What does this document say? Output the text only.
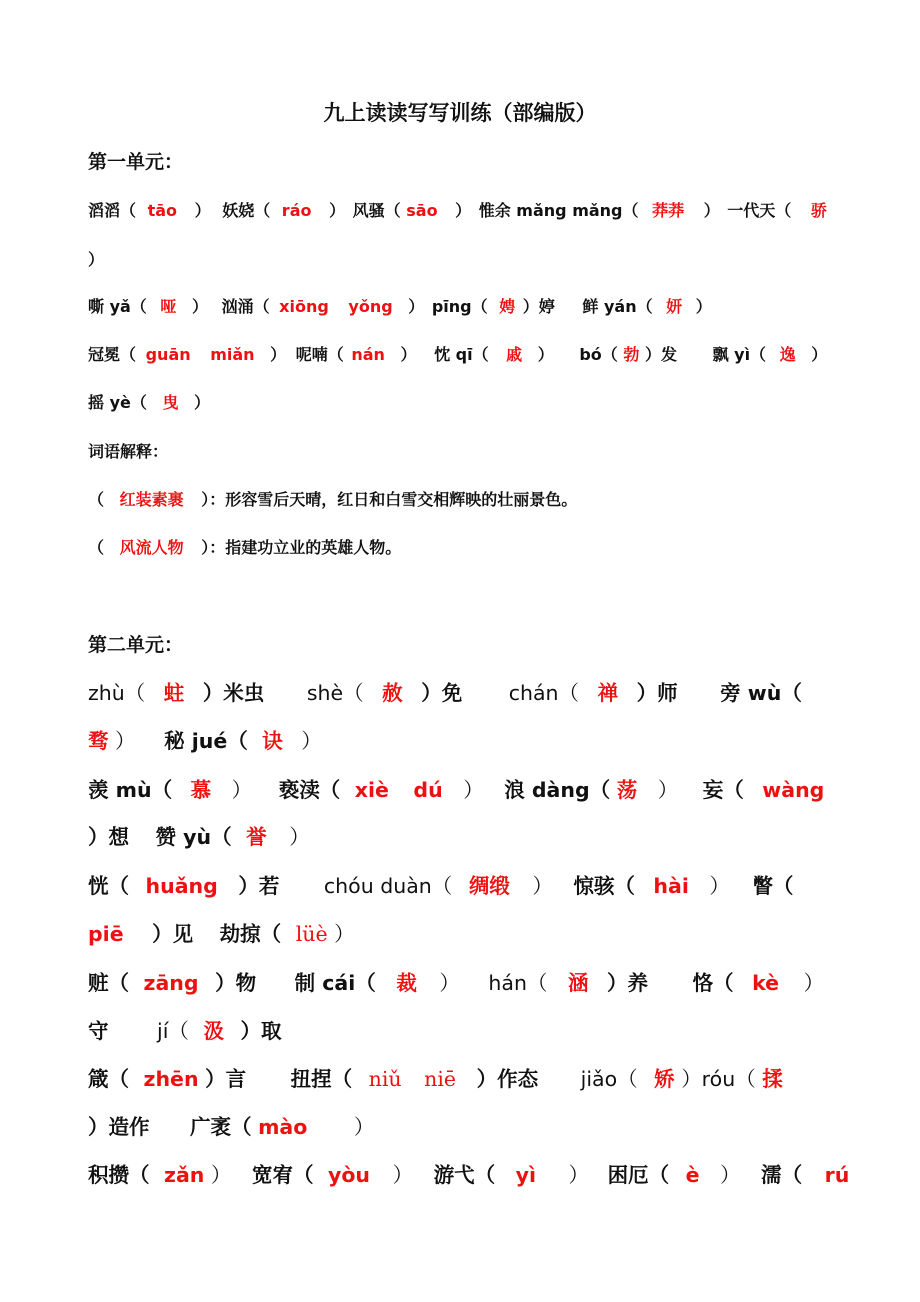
九上读读写写训练（部编版）
第一单元：
滔滔（ tāo ） 妖娆（ ráo ） 风骚（ sāo ） 惟余 mǎng mǎng（ 莽莽 ） 一代天（ 骄
）
嘶 yǎ（ 哑 ） 汹涌（ xiōng yǒng ） pīng（ 娉 ）婷 鲜 yán（ 妍 ）
冠冕（ guān miǎn ） 呢喃（ nán ） 忱 qī（ 戚 ） bó（ 勃 ）发 飘 yì（ 逸 ）
摇 yè（ 曳 ）
词语解释：
（ 红装素裹 ）：形容雪后天晴，红日和白雪交相辉映的壮丽景色。
（ 风流人物 ）：指建功立业的英雄人物。
第二单元：
zhù（ 蛀 ）米虫 shè（ 赦 ）免 chán（ 禅 ）师 旁 wù（
骛 ） 秘 jué（ 诀 ）
羡 mù（ 慕 ） 亵渎（ xiè dú ） 浪 dàng（ 荡 ） 妄（ wàng
）想 赞 yù（ 誉 ）
恍（ huǎng ）若 chóu duàn（ 绸缎 ） 惊骇（ hài ） 瞥（
piē ）见 劫掠（ lüè ）
赃（ zāng ）物 制 cái（ 裁 ） hán（ 涵 ）养 恪（ kè ）
守 jí（ 汲 ）取
箴（ zhēn ）言 扭捏（ niǔ niē ）作态 jiǎo（ 矫 ）róu（ 揉
）造作 广袤（ mào ）
积攒（ zǎn ） 宽宥（ yòu ） 游弋（ yì ） 困厄（ è ） 濡（ rú
